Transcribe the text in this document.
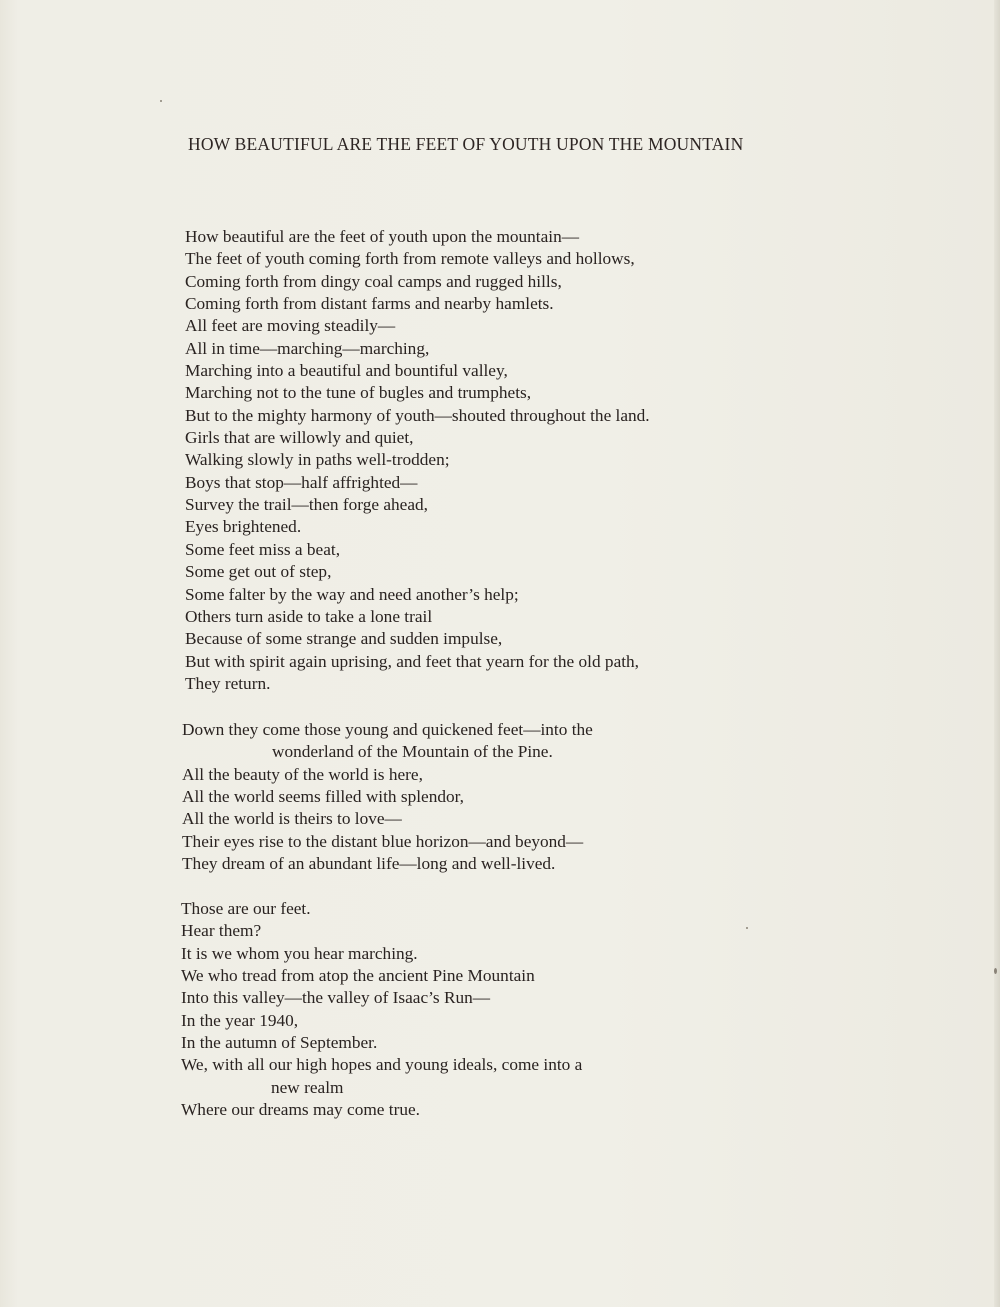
HOW BEAUTIFUL ARE THE FEET OF YOUTH UPON THE MOUNTAIN
How beautiful are the feet of youth upon the mountain—
The feet of youth coming forth from remote valleys and hollows,
Coming forth from dingy coal camps and rugged hills,
Coming forth from distant farms and nearby hamlets.
All feet are moving steadily—
All in time—marching—marching,
Marching into a beautiful and bountiful valley,
Marching not to the tune of bugles and trumphets,
But to the mighty harmony of youth—shouted throughout the land.
Girls that are willowly and quiet,
Walking slowly in paths well-trodden;
Boys that stop—half affrighted—
Survey the trail—then forge ahead,
Eyes brightened.
Some feet miss a beat,
Some get out of step,
Some falter by the way and need another’s help;
Others turn aside to take a lone trail
Because of some strange and sudden impulse,
But with spirit again uprising, and feet that yearn for the old path,
They return.
Down they come those young and quickened feet—into the
wonderland of the Mountain of the Pine.
All the beauty of the world is here,
All the world seems filled with splendor,
All the world is theirs to love—
Their eyes rise to the distant blue horizon—and beyond—
They dream of an abundant life—long and well-lived.
Those are our feet.
Hear them?
It is we whom you hear marching.
We who tread from atop the ancient Pine Mountain
Into this valley—the valley of Isaac’s Run—
In the year 1940,
In the autumn of September.
We, with all our high hopes and young ideals, come into a
new realm
Where our dreams may come true.
